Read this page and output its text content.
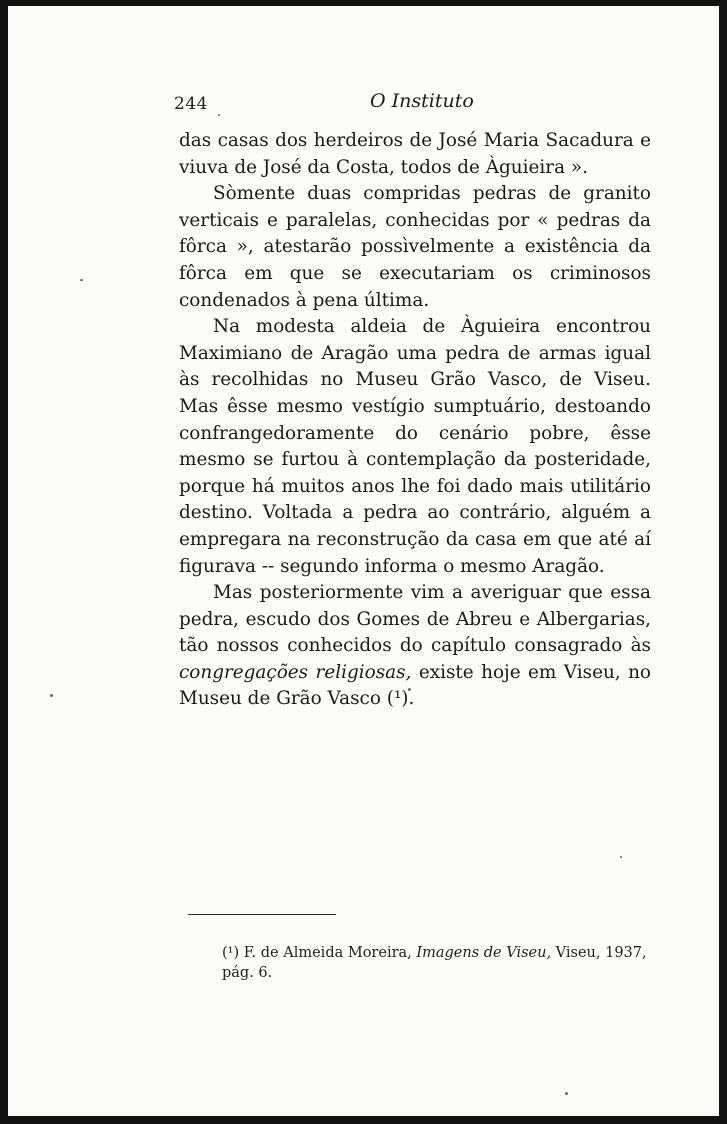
244	O Instituto

das casas dos herdeiros de José Maria Sacadura e viuva de José da Costa, todos de Àguieira ».

Sòmente duas compridas pedras de granito verticais e paralelas, conhecidas por « pedras da fôrca », atestarão possìvelmente a existência da fôrca em que se executariam os criminosos condenados à pena última.

Na modesta aldeia de Àguieira encontrou Maximiano de Aragão uma pedra de armas igual às recolhidas no Museu Grão Vasco, de Viseu. Mas êsse mesmo vestígio sumptuário, destoando confrangedoramente do cenário pobre, êsse mesmo se furtou à contemplação da posteridade, porque há muitos anos lhe foi dado mais utilitário destino. Voltada a pedra ao contrário, alguém a empregara na reconstrução da casa em que até aí figurava -- segundo informa o mesmo Aragão.

Mas posteriormente vim a averiguar que essa pedra, escudo dos Gomes de Abreu e Albergarias, tão nossos conhecidos do capítulo consagrado às congregações religiosas, existe hoje em Viseu, no Museu de Grão Vasco (¹).

(¹) F. de Almeida Moreira, Imagens de Viseu, Viseu, 1937, pág. 6.
